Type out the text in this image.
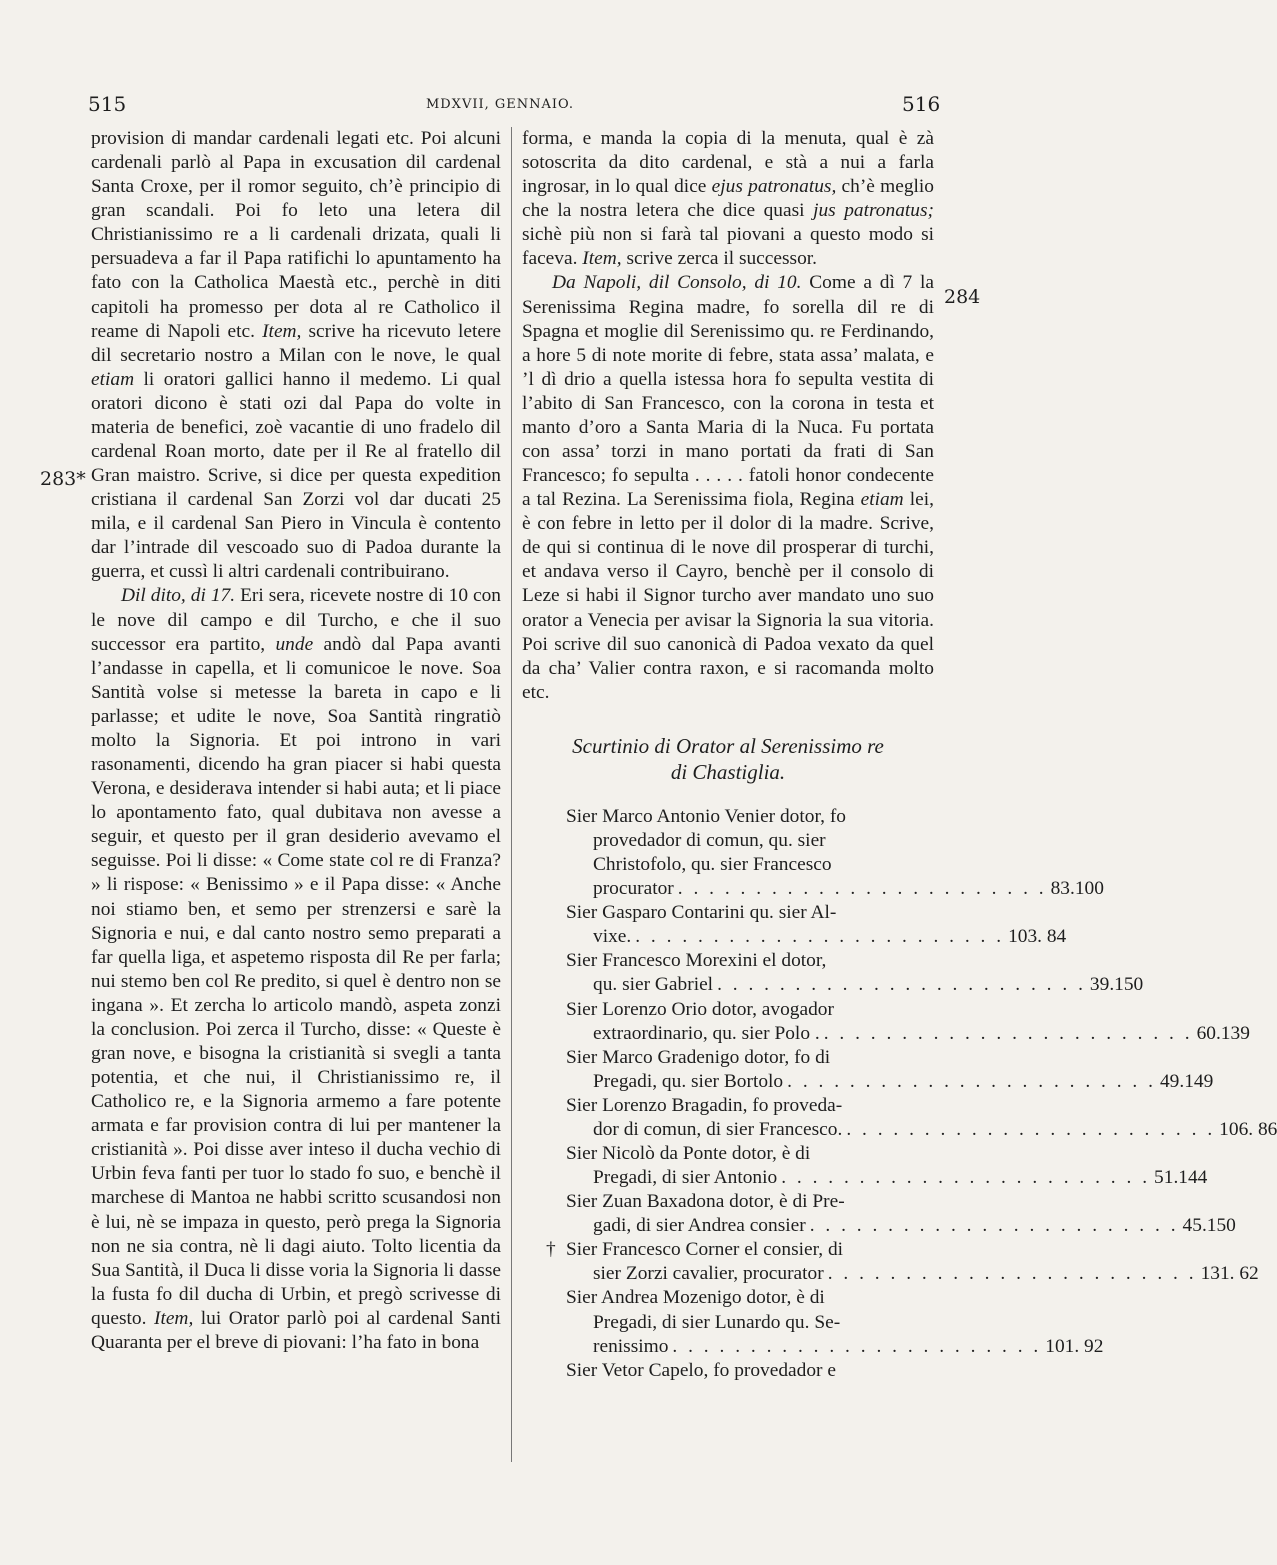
515	MDXVII, GENNAIO.	516
283*
284

provision di mandar cardenali legati etc. Poi alcuni cardenali parlò al Papa in excusation dil cardenal Santa Croxe, per il romor seguito, ch’è principio di gran scandali. Poi fo leto una letera dil Christianissimo re a li cardenali drizata, quali li persuadeva a far il Papa ratifichi lo apuntamento ha fato con la Catholica Maestà etc., perchè in diti capitoli ha promesso per dota al re Catholico il reame di Napoli etc. Item, scrive ha ricevuto letere dil secretario nostro a Milan con le nove, le qual etiam li oratori gallici hanno il medemo. Li qual oratori dicono è stati ozi dal Papa do volte in materia de benefici, zoè vacantie di uno fradelo dil cardenal Roan morto, date per il Re al fratello dil Gran maistro. Scrive, si dice per questa expedition cristiana il cardenal San Zorzi vol dar ducati 25 mila, e il cardenal San Piero in Vincula è contento dar l’intrade dil vescoado suo di Padoa durante la guerra, et cussì li altri cardenali contribuirano.

Dil dito, di 17. Eri sera, ricevete nostre di 10 con le nove dil campo e dil Turcho, e che il suo successor era partito, unde andò dal Papa avanti l’andasse in capella, et li comunicoe le nove. Soa Santità volse si metesse la bareta in capo e li parlasse; et udite le nove, Soa Santità ringratiò molto la Signoria. Et poi introno in vari rasonamenti, dicendo ha gran piacer si habi questa Verona, e desiderava intender si habi auta; et li piace lo apontamento fato, qual dubitava non avesse a seguir, et questo per il gran desiderio avevamo el seguisse. Poi li disse: « Come state col re di Franza? » li rispose: « Benissimo » e il Papa disse: « Anche noi stiamo ben, et semo per strenzersi e sarè la Signoria e nui, e dal canto nostro semo preparati a far quella liga, et aspetemo risposta dil Re per farla; nui stemo ben col Re predito, si quel è dentro non se ingana ». Et zercha lo articolo mandò, aspeta zonzi la conclusion. Poi zerca il Turcho, disse: « Queste è gran nove, e bisogna la cristianità si svegli a tanta potentia, et che nui, il Christianissimo re, il Catholico re, e la Signoria armemo a fare potente armata e far provision contra di lui per mantener la cristianità ». Poi disse aver inteso il ducha vechio di Urbin feva fanti per tuor lo stado fo suo, e benchè il marchese di Mantoa ne habbi scritto scusandosi non è lui, nè se impaza in questo, però prega la Signoria non ne sia contra, nè li dagi aiuto. Tolto licentia da Sua Santità, il Duca li disse voria la Signoria li dasse la fusta fo dil ducha di Urbin, et pregò scrivesse di questo. Item, lui Orator parlò poi al cardenal Santi Quaranta per el breve di piovani: l’ha fato in bona

forma, e manda la copia di la menuta, qual è zà sotoscrita da dito cardenal, e stà a nui a farla ingrosar, in lo qual dice ejus patronatus, ch’è meglio che la nostra letera che dice quasi jus patronatus; sichè più non si farà tal piovani a questo modo si faceva. Item, scrive zerca il successor.

Da Napoli, dil Consolo, di 10. Come a dì 7 la Serenissima Regina madre, fo sorella dil re di Spagna et moglie dil Serenissimo qu. re Ferdinando, a hore 5 di note morite di febre, stata assa’ malata, e ’l dì drio a quella istessa hora fo sepulta vestita di l’abito di San Francesco, con la corona in testa et manto d’oro a Santa Maria di la Nuca. Fu portata con assa’ torzi in mano portati da frati di San Francesco; fo sepulta . . . . . fatoli honor condecente a tal Rezina. La Serenissima fiola, Regina etiam lei, è con febre in letto per il dolor di la madre. Scrive, de qui si continua di le nove dil prosperar di turchi, et andava verso il Cayro, benchè per il consolo di Leze si habi il Signor turcho aver mandato uno suo orator a Venecia per avisar la Signoria la sua vitoria. Poi scrive dil suo canonicà di Padoa vexato da quel da cha’ Valier contra raxon, e si racomanda molto etc.

Scurtinio di Orator al Serenissimo re
di Chastiglia.
Sier Marco Antonio Venier dotor, fo
provedador di comun, qu. sier
Christofolo, qu. sier Francesco
procurator . . . . . . . . . . . . . . . . . . . . . . . . 83.100
Sier Gasparo Contarini qu. sier Al-
vixe. . . . . . . . . . . . . . . . . . . . . . . . . 103. 84
Sier Francesco Morexini el dotor,
qu. sier Gabriel . . . . . . . . . . . . . . . . . . . . . . . . 39.150
Sier Lorenzo Orio dotor, avogador
extraordinario, qu. sier Polo . . . . . . . . . . . . . . . . . . . . . . . . . 60.139
Sier Marco Gradenigo dotor, fo di
Pregadi, qu. sier Bortolo . . . . . . . . . . . . . . . . . . . . . . . . 49.149
Sier Lorenzo Bragadin, fo proveda-
dor di comun, di sier Francesco. . . . . . . . . . . . . . . . . . . . . . . . . 106. 86
Sier Nicolò da Ponte dotor, è di
Pregadi, di sier Antonio . . . . . . . . . . . . . . . . . . . . . . . . 51.144
Sier Zuan Baxadona dotor, è di Pre-
gadi, di sier Andrea consier . . . . . . . . . . . . . . . . . . . . . . . . 45.150
† Sier Francesco Corner el consier, di
sier Zorzi cavalier, procurator . . . . . . . . . . . . . . . . . . . . . . . . 131. 62
Sier Andrea Mozenigo dotor, è di
Pregadi, di sier Lunardo qu. Se-
renissimo . . . . . . . . . . . . . . . . . . . . . . . . 101. 92
Sier Vetor Capelo, fo provedador e
